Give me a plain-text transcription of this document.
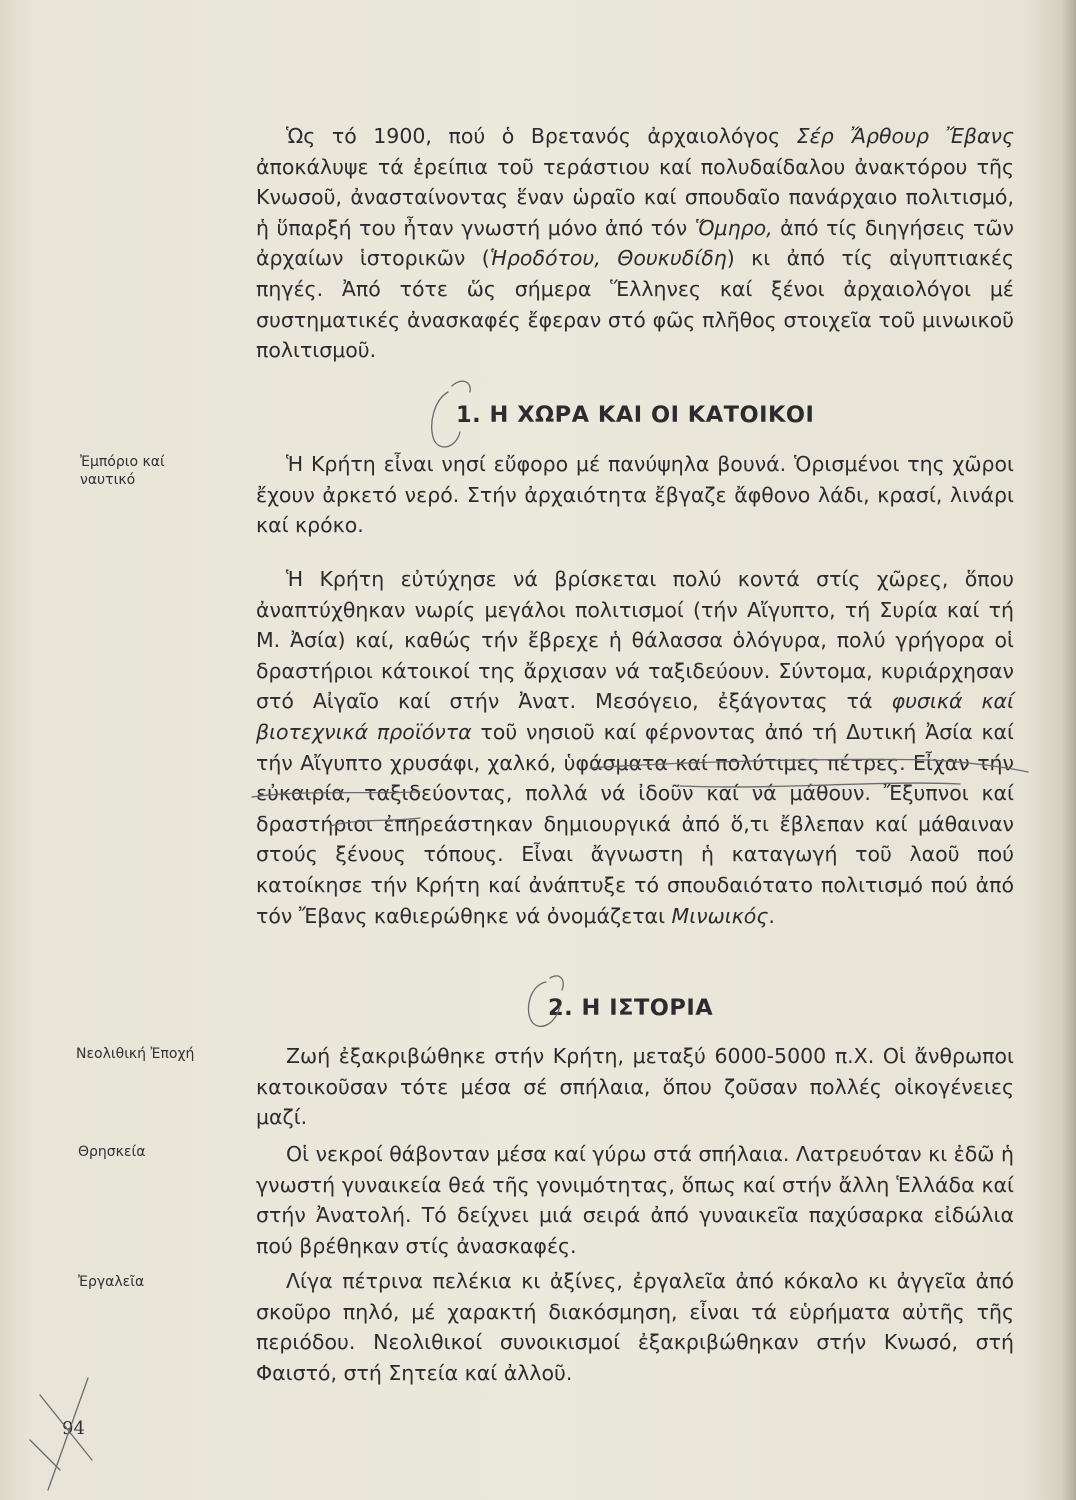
Ὡς τό 1900, πού ὁ Βρετανός ἀρχαιολόγος Σέρ Ἄρθουρ Ἔβανς ἀποκάλυψε τά ἐρείπια τοῦ τεράστιου καί πολυδαίδαλου ἀνακτόρου τῆς Κνωσοῦ, ἀνασταίνοντας ἕναν ὡραῖο καί σπουδαῖο πανάρχαιο πολιτισμό, ἡ ὕπαρξή του ἦταν γνωστή μόνο ἀπό τόν Ὅμηρο, ἀπό τίς διηγήσεις τῶν ἀρχαίων ἱστορικῶν (Ἡροδότου, Θουκυδίδη) κι ἀπό τίς αἰγυπτιακές πηγές. Ἀπό τότε ὥς σήμερα Ἕλληνες καί ξένοι ἀρχαιολόγοι μέ συστηματικές ἀνασκαφές ἔφεραν στό φῶς πλῆθος στοιχεῖα τοῦ μινωικοῦ πολιτισμοῦ.

1. Η ΧΩΡΑ ΚΑΙ ΟΙ ΚΑΤΟΙΚΟΙ
Ἐμπόριο καί
ναυτικό

Ἡ Κρήτη εἶναι νησί εὔφορο μέ πανύψηλα βουνά. Ὁρισμένοι της χῶροι ἔχουν ἀρκετό νερό. Στήν ἀρχαιότητα ἔβγαζε ἄφθονο λάδι, κρασί, λινάρι καί κρόκο.

Ἡ Κρήτη εὐτύχησε νά βρίσκεται πολύ κοντά στίς χῶρες, ὅπου ἀναπτύχθηκαν νωρίς μεγάλοι πολιτισμοί (τήν Αἴγυπτο, τή Συρία καί τή Μ. Ἀσία) καί, καθώς τήν ἔβρεχε ἡ θάλασσα ὁλόγυρα, πολύ γρήγορα οἱ δραστήριοι κάτοικοί της ἄρχισαν νά ταξιδεύουν. Σύντομα, κυριάρχησαν στό Αἰγαῖο καί στήν Ἀνατ. Μεσόγειο, ἐξάγοντας τά φυσικά καί βιοτεχνικά προϊόντα τοῦ νησιοῦ καί φέρνοντας ἀπό τή Δυτική Ἀσία καί τήν Αἴγυπτο χρυσάφι, χαλκό, ὑφάσματα καί πολύτιμες πέτρες. Εἶχαν τήν εὐκαιρία, ταξιδεύοντας, πολλά νά ἰδοῦν καί νά μάθουν. Ἔξυπνοι καί δραστήριοι ἐπηρεάστηκαν δημιουργικά ἀπό ὅ,τι ἔβλεπαν καί μάθαιναν στούς ξένους τόπους. Εἶναι ἄγνωστη ἡ καταγωγή τοῦ λαοῦ πού κατοίκησε τήν Κρήτη καί ἀνάπτυξε τό σπουδαιότατο πολιτισμό πού ἀπό τόν Ἔβανς καθιερώθηκε νά ὀνομάζεται Μινωικός.

2. Η ΙΣΤΟΡΙΑ
Νεολιθική Ἐποχή
Θρησκεία
Ἐργαλεῖα

Ζωή ἐξακριβώθηκε στήν Κρήτη, μεταξύ 6000-5000 π.Χ. Οἱ ἄνθρωποι κατοικοῦσαν τότε μέσα σέ σπήλαια, ὅπου ζοῦσαν πολλές οἰκογένειες μαζί.

Οἱ νεκροί θάβονταν μέσα καί γύρω στά σπήλαια. Λατρευόταν κι ἐδῶ ἡ γνωστή γυναικεία θεά τῆς γονιμότητας, ὅπως καί στήν ἄλλη Ἑλλάδα καί στήν Ἀνατολή. Τό δείχνει μιά σειρά ἀπό γυναικεῖα παχύσαρκα εἰδώλια πού βρέθηκαν στίς ἀνασκαφές.

Λίγα πέτρινα πελέκια κι ἀξίνες, ἐργαλεῖα ἀπό κόκαλο κι ἀγγεῖα ἀπό σκοῦρο πηλό, μέ χαρακτή διακόσμηση, εἶναι τά εὑρήματα αὐτῆς τῆς περιόδου. Νεολιθικοί συνοικισμοί ἐξακριβώθηκαν στήν Κνωσό, στή Φαιστό, στή Σητεία καί ἀλλοῦ.

94
